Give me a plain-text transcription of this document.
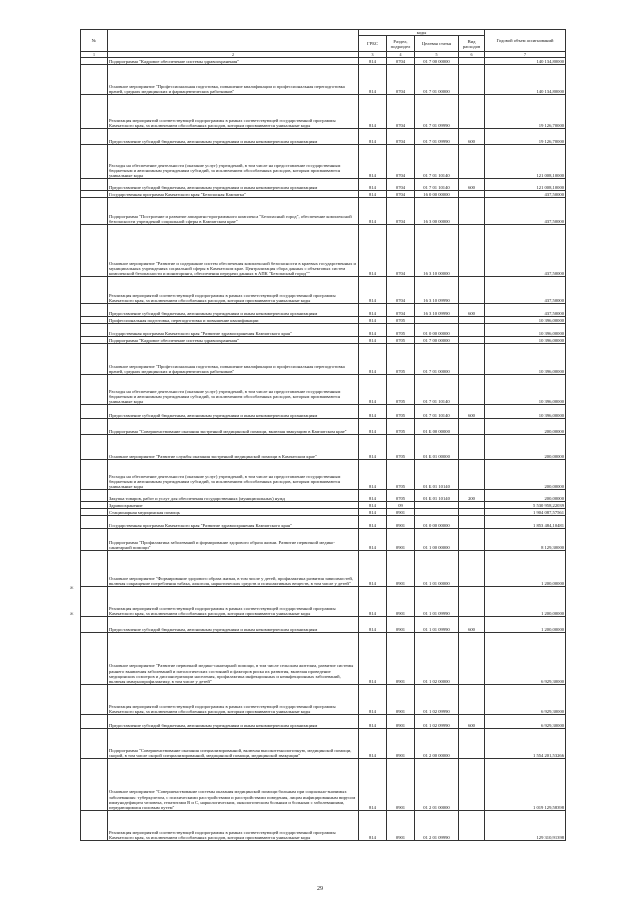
№		коды				Годовой объем ассигнований
		ГРБС	Раздел, подраздел	Целевая статья	Вид расходов	
1	2	3	4	5	6	7
	Подпрограмма "Кадровое обеспечение системы здравоохранения"	814	0704	01 7 00 00000		140 134,80000
	Основное мероприятие "Профессиональная подготовка, повышение квалификации и профессиональная переподготовка врачей, средних медицинских и фармацевтических работников"	814	0704	01 7 01 00000		140 134,80000
	Реализация мероприятий соответствующей подпрограммы в рамках соответствующей государственной программы Камчатского края, за исключением обособленных расходов, которым присваиваются уникальные коды	814	0704	01 7 01 09990		19 126,70000
	Предоставление субсидий бюджетным, автономным учреждениям и иным некоммерческим организациям	814	0704	01 7 01 09990	600	19 126,70000
	Расходы на обеспечение деятельности (оказание услуг) учреждений, в том числе на предоставление государственным бюджетным и автономным учреждениям субсидий, за исключением обособленных расходов, которым присваиваются уникальные коды	814	0704	01 7 01 10140		121 008,10000
	Предоставление субсидий бюджетным, автономным учреждениям и иным некоммерческим организациям	814	0704	01 7 01 10140	600	121 008,10000
	Государственная программа Камчатского края "Безопасная Камчатка"	814	0704	16 0 00 00000		437,50000
	Подпрограмма "Построение и развитие аппаратно-программного комплекса "Безопасный город", обеспечение комплексной безопасности учреждений социальной сферы в Камчатском крае"	814	0704	16 3 00 00000		437,50000
	Основное мероприятие "Развитие и содержание систем обеспечения комплексной безопасности в краевых государственных и муниципальных учреждениях социальной сферы в Камчатском крае. Централизация сбора данных с объектовых систем комплексной безопасности и мониторинга, обеспечения передачи данных в АПК "Безопасный город""	814	0704	16 3 10 00000		437,50000
	Реализация мероприятий соответствующей подпрограммы в рамках соответствующей государственной программы Камчатского края, за исключением обособленных расходов, которым присваиваются уникальные коды	814	0704	16 3 10 09990		437,50000
	Предоставление субсидий бюджетным, автономным учреждениям и иным некоммерческим организациям	814	0704	16 3 10 09990	600	437,50000
	Профессиональная подготовка, переподготовка и повышение квалификации	814	0705			10 396,00000
	Государственная программа Камчатского края "Развитие здравоохранения Камчатского края"	814	0705	01 0 00 00000		10 396,00000
	Подпрограмма "Кадровое обеспечение системы здравоохранения"	814	0705	01 7 00 00000		10 396,00000
	Основное мероприятие "Профессиональная подготовка, повышение квалификации и профессиональная переподготовка врачей, средних медицинских и фармацевтических работников"	814	0705	01 7 01 00000		10 396,00000
	Расходы на обеспечение деятельности (оказание услуг) учреждений, в том числе на предоставление государственным бюджетным и автономным учреждениям субсидий, за исключением обособленных расходов, которым присваиваются уникальные коды	814	0705	01 7 01 10140		10 396,00000
	Предоставление субсидий бюджетным, автономным учреждениям и иным некоммерческим организациям	814	0705	01 7 01 10140	600	10 396,00000
	Подпрограмма "Совершенствование оказания экстренной медицинской помощи, включая эвакуацию в Камчатском крае"	814	0705	01 Б 00 00000		200,00000
	Основное мероприятие "Развитие службы оказания экстренной медицинской помощи в Камчатском крае"	814	0705	01 Б 01 00000		200,00000
	Расходы на обеспечение деятельности (оказание услуг) учреждений, в том числе на предоставление государственным бюджетным и автономным учреждениям субсидий, за исключением обособленных расходов, которым присваиваются уникальные коды	814	0705	01 Б 01 10140		200,00000
	Закупка товаров, работ и услуг для обеспечения государственных (муниципальных) нужд	814	0705	01 Б 01 10140	200	200,00000
	Здравоохранение	814	09			5 530 958,22039
	Стационарная медицинская помощь	814	0901			1 904 087,57561
	Государственная программа Камчатского края "Развитие здравоохранения Камчатского края"	814	0901	01 0 00 00000		1 853 484,10481
	Подпрограмма "Профилактика заболеваний и формирование здорового образа жизни. Развитие первичной медико-санитарной помощи"	814	0901	01 1 00 00000		8 129,30000
	Основное мероприятие "Формирование здорового образа жизни, в том числе у детей, профилактика развития зависимостей, включая сокращение потребления табака, алкоголя, наркотических средств и психоактивных веществ, в том числе у детей"	814	0901	01 1 01 00000		1 200,00000
	Реализация мероприятий соответствующей подпрограммы в рамках соответствующей государственной программы Камчатского края, за исключением обособленных расходов, которым присваиваются уникальные коды	814	0901	01 1 01 09990		1 200,00000
	Предоставление субсидий бюджетным, автономным учреждениям и иным некоммерческим организациям	814	0901	01 1 01 09990	600	1 200,00000
	Основное мероприятие "Развитие первичной медико-санитарной помощи, в том числе сельским жителям, развитие системы раннего выявления заболеваний и патологических состояний и факторов риска их развития, включая проведение медицинских осмотров и диспансеризации населения, профилактика инфекционных и неинфекционных заболеваний, включая иммунопрофилактику, в том числе у детей"	814	0901	01 1 02 00000		6 929,30000
	Реализация мероприятий соответствующей подпрограммы в рамках соответствующей государственной программы Камчатского края, за исключением обособленных расходов, которым присваиваются уникальные коды	814	0901	01 1 02 09990		6 929,30000
	Предоставление субсидий бюджетным, автономным учреждениям и иным некоммерческим организациям	814	0901	01 1 02 09990	600	6 929,30000
	Подпрограмма "Совершенствование оказания специализированной, включая высокотехнологичную, медицинской помощи, скорой, в том числе скорой специализированной, медицинской помощи, медицинской эвакуации"	814	0901	01 2 00 00000		1 554 201,53266
	Основное мероприятие "Совершенствование системы оказания медицинской помощи больным при социально-значимых заболеваниях: туберкулезом, с психическими расстройствами и расстройствами поведения, лицам инфицированным вирусом иммунодефицита человека, гепатитами В и С, наркологическим, онкологическим больным и больным с заболеваниями, передающимися половым путем"	814	0901	01 2 01 00000		1 019 129,58398
	Реализация мероприятий соответствующей подпрограммы в рамках соответствующей государственной программы Камчатского края, за исключением обособленных расходов, которым присваиваются уникальные коды	814	0901	01 2 01 09990		129 310,91398
ж
ж
29
